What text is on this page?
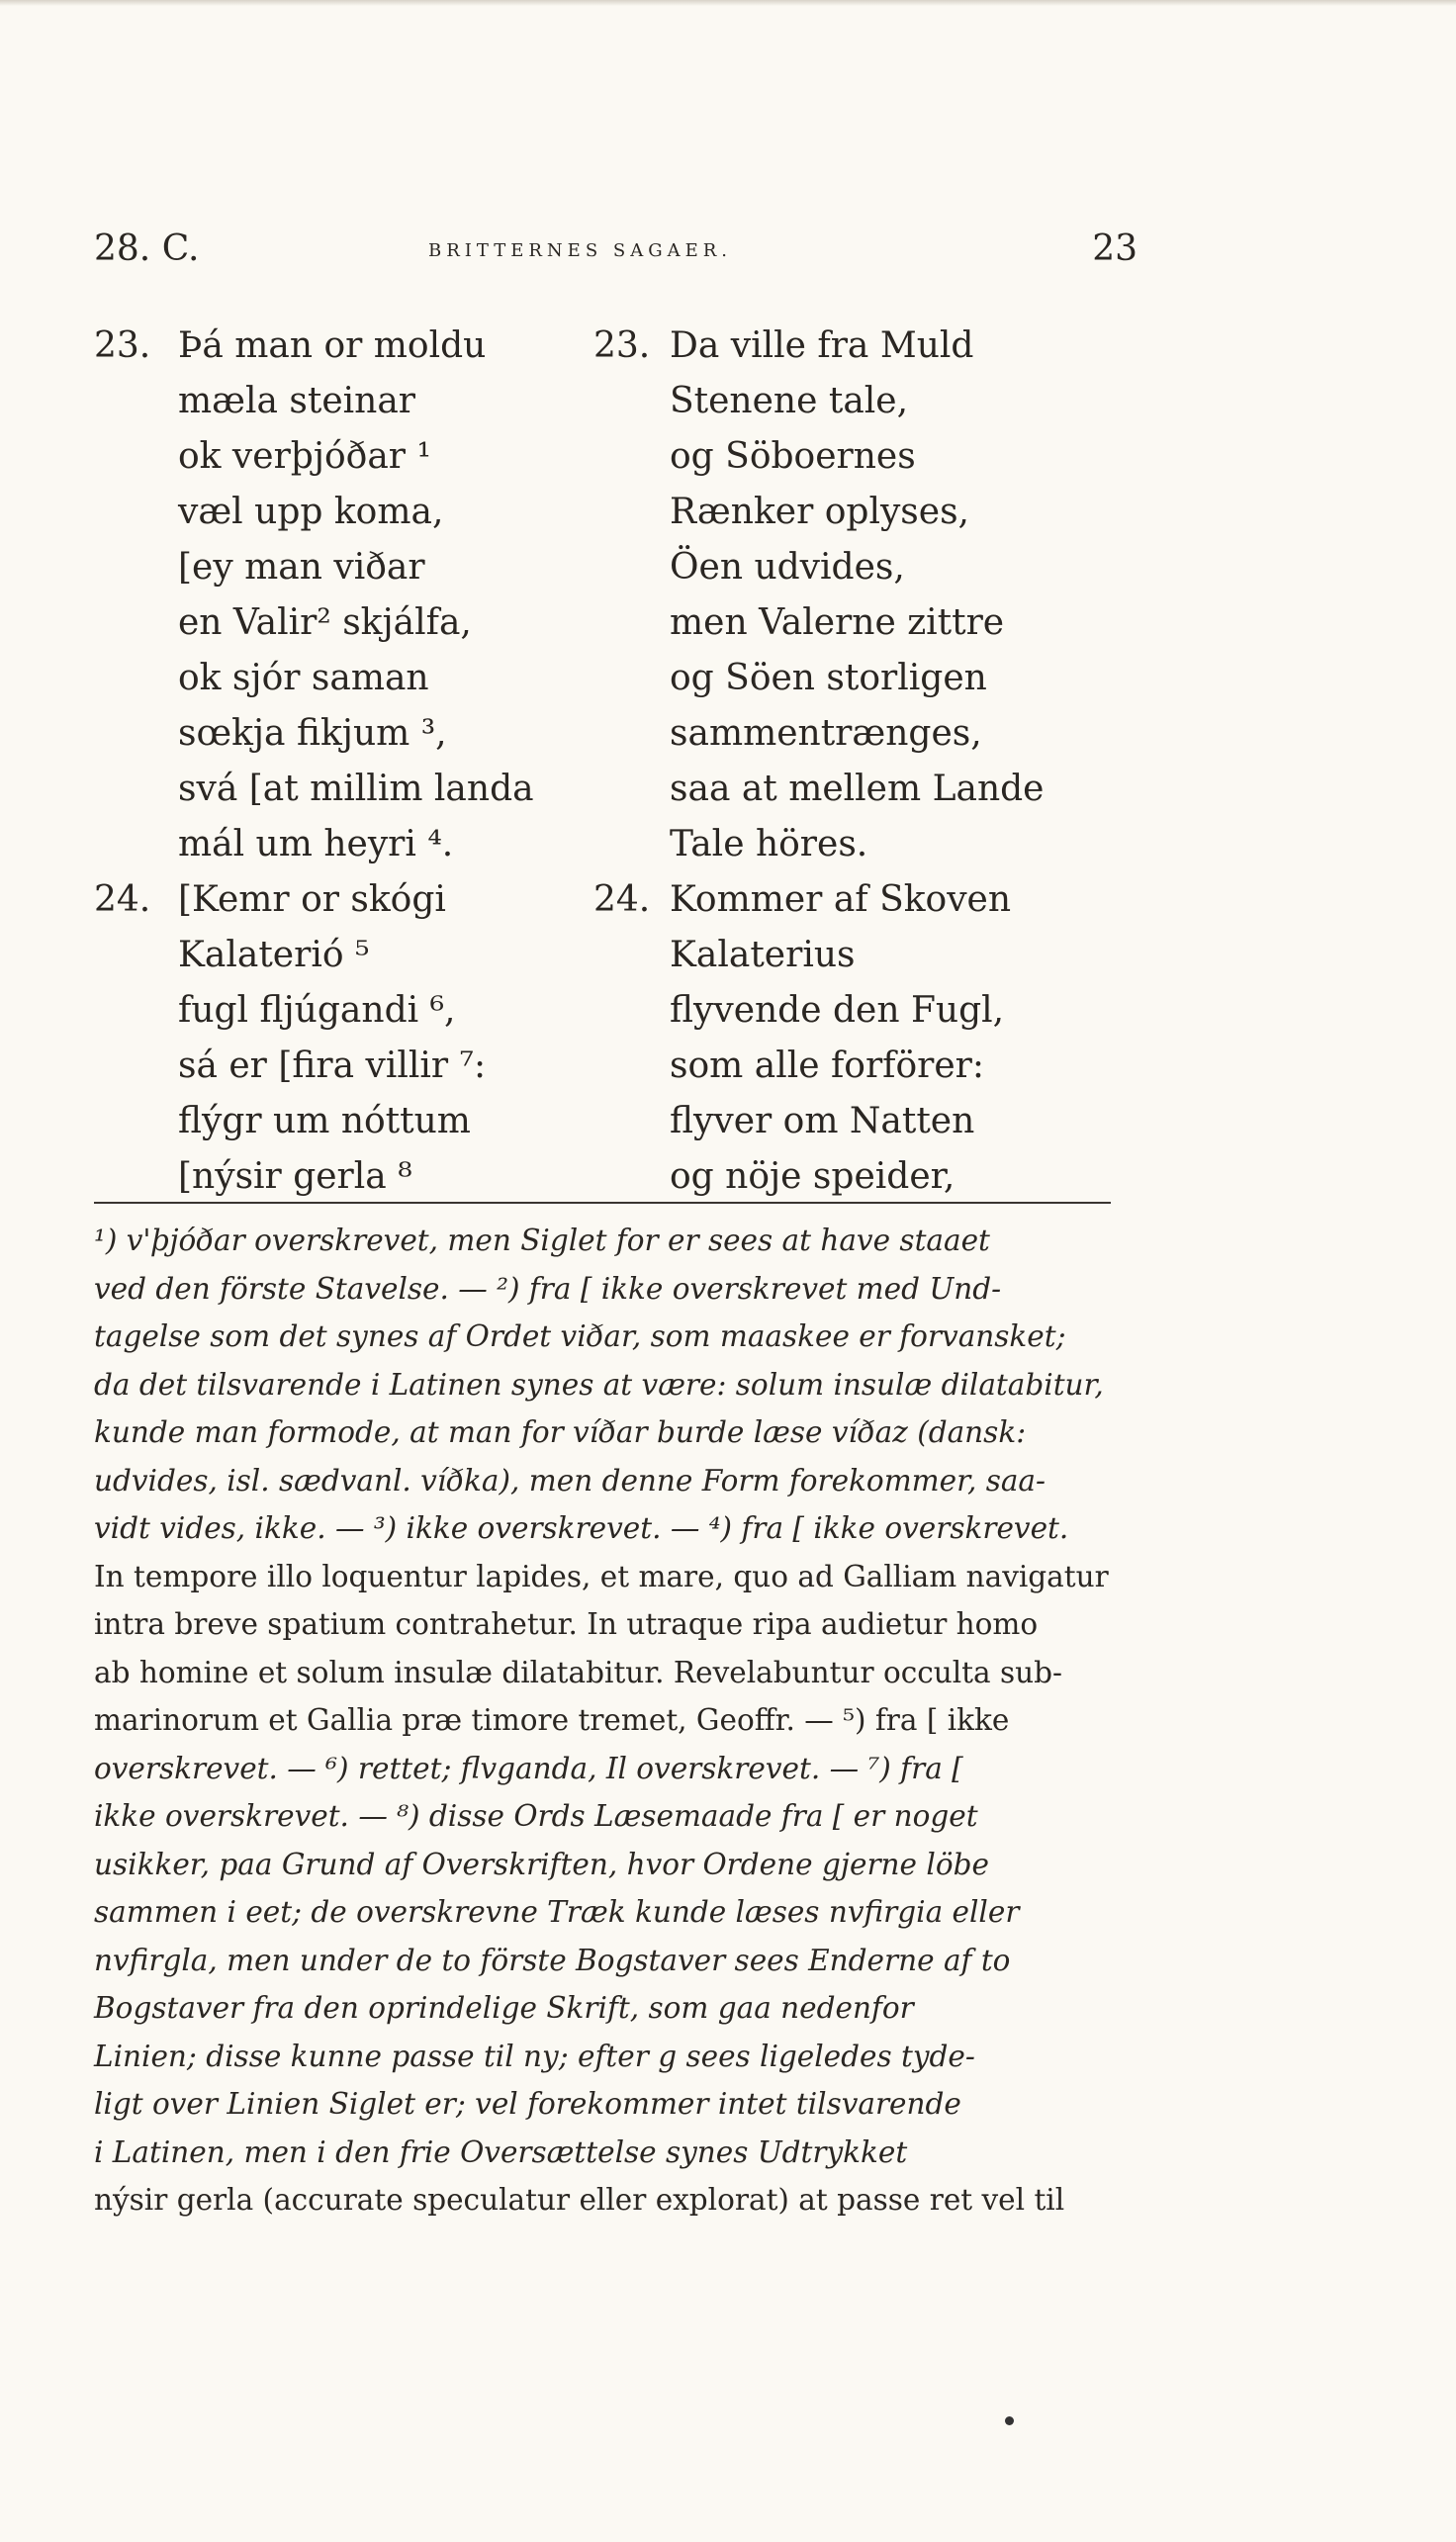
28. C.	BRITTERNES SAGAER.	23
23. Þá man or moldu
mæla steinar
ok verþjóðar ¹
væl upp koma,
[ey man viðar
en Valir² skjálfa,
ok sjór saman
sœkja fikjum ³,
svá [at millim landa
mál um heyri ⁴.
23. Da ville fra Muld
Stenene tale,
og Söboernes
Rænker oplyses,
Öen udvides,
men Valerne zittre
og Söen storligen
sammentrænges,
saa at mellem Lande
Tale höres.
24. [Kemr or skógi
Kalaterió ⁵
fugl fljúgandi ⁶,
sá er [fira villir ⁷:
flýgr um nóttum
[nýsir gerla ⁸
24. Kommer af Skoven
Kalaterius
flyvende den Fugl,
som alle forförer:
flyver om Natten
og nöje speider,
¹) v'þjóðar overskrevet, men Siglet for er sees at have staaet
ved den förste Stavelse. — ²) fra [ ikke overskrevet med Und-
tagelse som det synes af Ordet viðar, som maaskee er forvansket;
da det tilsvarende i Latinen synes at være: solum insulæ dilatabitur,
kunde man formode, at man for víðar burde læse víðaz (dansk:
udvides, isl. sædvanl. víðka), men denne Form forekommer, saa-
vidt vides, ikke. — ³) ikke overskrevet. — ⁴) fra [ ikke overskrevet.
In tempore illo loquentur lapides, et mare, quo ad Galliam navigatur
intra breve spatium contrahetur. In utraque ripa audietur homo
ab homine et solum insulæ dilatabitur. Revelabuntur occulta sub-
marinorum et Gallia præ timore tremet, Geoffr. — ⁵) fra [ ikke
overskrevet. — ⁶) rettet; flvganda, Il overskrevet. — ⁷) fra [
ikke overskrevet. — ⁸) disse Ords Læsemaade fra [ er noget
usikker, paa Grund af Overskriften, hvor Ordene gjerne löbe
sammen i eet; de overskrevne Træk kunde læses nvfirgia eller
nvfirgla, men under de to förste Bogstaver sees Enderne af to
Bogstaver fra den oprindelige Skrift, som gaa nedenfor
Linien; disse kunne passe til ny; efter g sees ligeledes tyde-
ligt over Linien Siglet er; vel forekommer intet tilsvarende
i Latinen, men i den frie Oversættelse synes Udtrykket
nýsir gerla (accurate speculatur eller explorat) at passe ret vel til
